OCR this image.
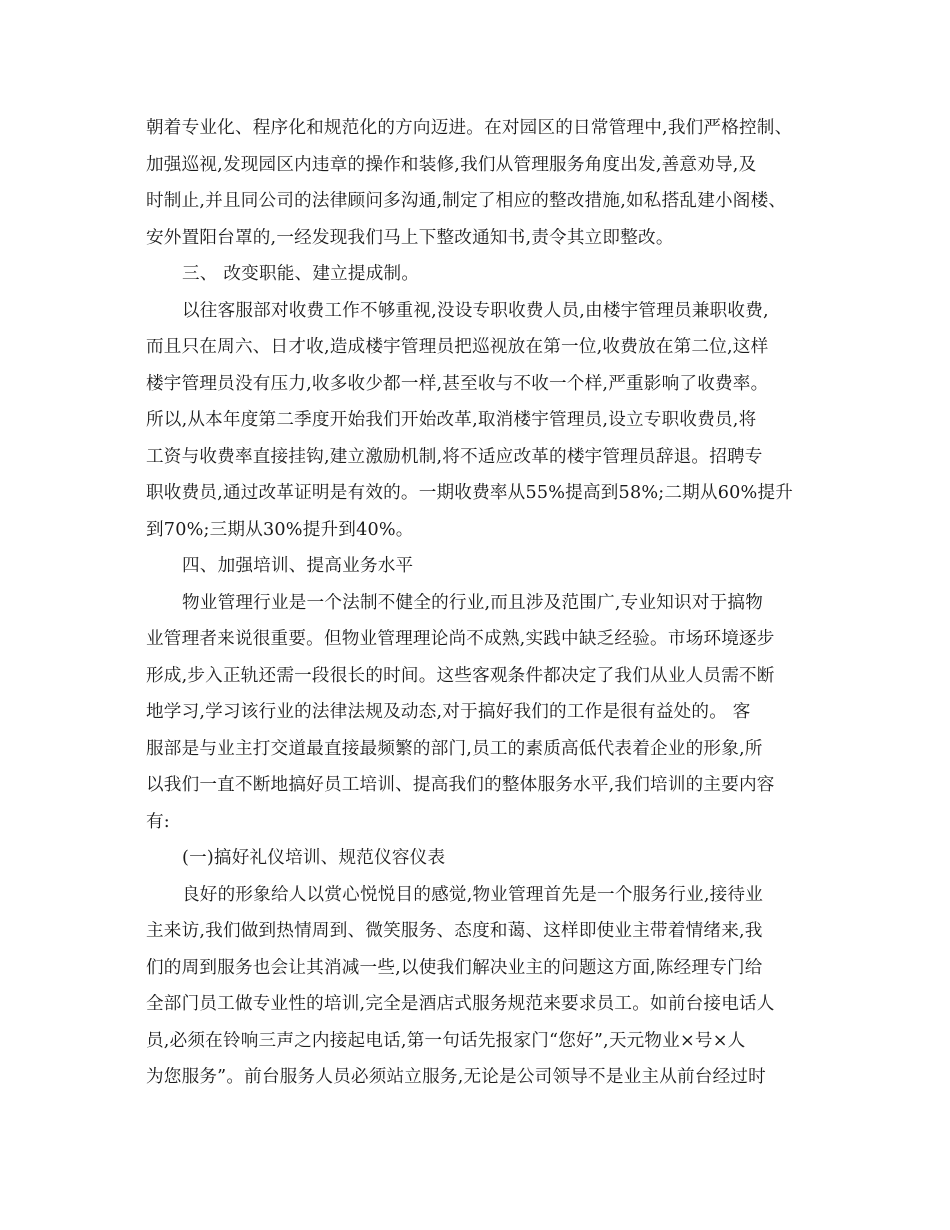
朝着专业化、程序化和规范化的方向迈进。在对园区的日常管理中,我们严格控制、
加强巡视,发现园区内违章的操作和装修,我们从管理服务角度出发,善意劝导,及
时制止,并且同公司的法律顾问多沟通,制定了相应的整改措施,如私搭乱建小阁楼、
安外置阳台罩的,一经发现我们马上下整改通知书,责令其立即整改。
三、 改变职能、建立提成制。
以往客服部对收费工作不够重视,没设专职收费人员,由楼宇管理员兼职收费,
而且只在周六、日才收,造成楼宇管理员把巡视放在第一位,收费放在第二位,这样
楼宇管理员没有压力,收多收少都一样,甚至收与不收一个样,严重影响了收费率。
所以,从本年度第二季度开始我们开始改革,取消楼宇管理员,设立专职收费员,将
工资与收费率直接挂钩,建立激励机制,将不适应改革的楼宇管理员辞退。招聘专
职收费员,通过改革证明是有效的。一期收费率从55%提高到58%;二期从60%提升
到70%;三期从30%提升到40%。
四、加强培训、提高业务水平
物业管理行业是一个法制不健全的行业,而且涉及范围广,专业知识对于搞物
业管理者来说很重要。但物业管理理论尚不成熟,实践中缺乏经验。市场环境逐步
形成,步入正轨还需一段很长的时间。这些客观条件都决定了我们从业人员需不断
地学习,学习该行业的法律法规及动态,对于搞好我们的工作是很有益处的。 客
服部是与业主打交道最直接最频繁的部门,员工的素质高低代表着企业的形象,所
以我们一直不断地搞好员工培训、提高我们的整体服务水平,我们培训的主要内容
有:
(一)搞好礼仪培训、规范仪容仪表
良好的形象给人以赏心悦悦目的感觉,物业管理首先是一个服务行业,接待业
主来访,我们做到热情周到、微笑服务、态度和蔼、这样即使业主带着情绪来,我
们的周到服务也会让其消减一些,以使我们解决业主的问题这方面,陈经理专门给
全部门员工做专业性的培训,完全是酒店式服务规范来要求员工。如前台接电话人
员,必须在铃响三声之内接起电话,第一句话先报家门“您好”,天元物业×号×人
为您服务”。前台服务人员必须站立服务,无论是公司领导不是业主从前台经过时
